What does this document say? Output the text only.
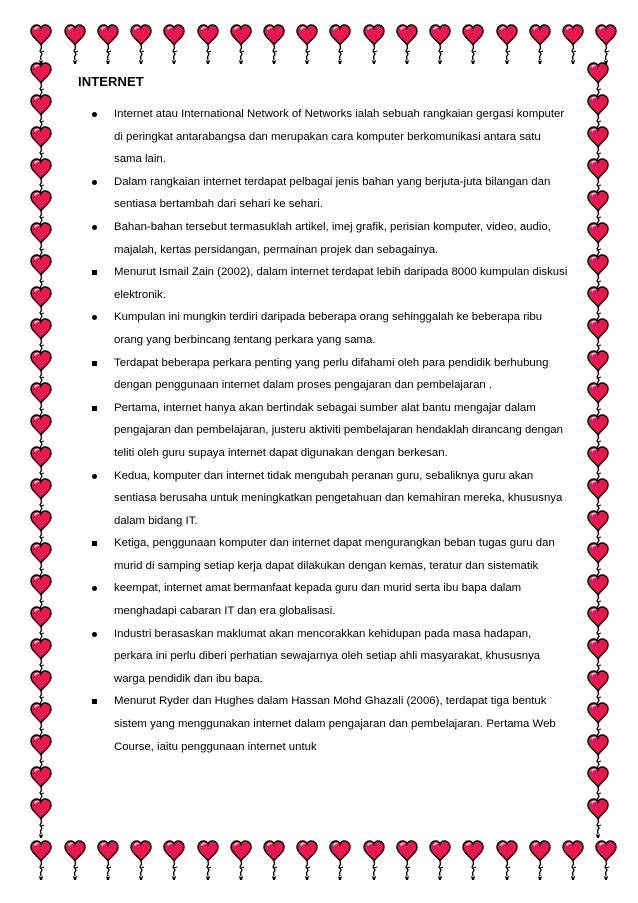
INTERNET
Internet atau International Network of Networks ialah sebuah rangkaian gergasi komputer di peringkat antarabangsa dan merupakan cara komputer berkomunikasi antara satu sama lain.
Dalam rangkaian internet terdapat pelbagai jenis bahan yang berjuta-juta bilangan dan sentiasa bertambah dari sehari ke sehari.
Bahan-bahan tersebut termasuklah artikel, imej grafik, perisian komputer, video, audio, majalah, kertas persidangan, permainan projek dan sebagainya.
Menurut Ismail Zain (2002), dalam internet terdapat lebih daripada 8000 kumpulan diskusi elektronik.
Kumpulan ini mungkin terdiri daripada beberapa orang sehinggalah ke beberapa ribu orang yang berbincang tentang perkara yang sama.
Terdapat beberapa perkara penting yang perlu difahami oleh para pendidik berhubung dengan penggunaan internet dalam proses pengajaran dan pembelajaran .
Pertama, internet hanya akan bertindak sebagai sumber alat bantu mengajar dalam pengajaran dan pembelajaran, justeru aktiviti pembelajaran hendaklah dirancang dengan teliti oleh guru supaya internet dapat digunakan dengan berkesan.
Kedua, komputer dan internet tidak mengubah peranan guru, sebaliknya guru akan sentiasa berusaha untuk meningkatkan pengetahuan dan kemahiran mereka, khususnya dalam bidang IT.
Ketiga, penggunaan komputer dan internet dapat mengurangkan beban tugas guru dan murid di samping setiap kerja dapat dilakukan dengan kemas, teratur dan sistematik
keempat, internet amat bermanfaat kepada guru dan murid serta ibu bapa dalam menghadapi cabaran IT dan era globalisasi.
Industri berasaskan maklumat akan mencorakkan kehidupan pada masa hadapan, perkara ini perlu diberi perhatian sewajarnya oleh setiap ahli masyarakat, khususnya warga pendidik dan ibu bapa.
Menurut Ryder dan Hughes dalam Hassan Mohd Ghazali (2006), terdapat tiga bentuk sistem yang menggunakan internet dalam pengajaran dan pembelajaran. Pertama Web Course, iaitu penggunaan internet untuk
